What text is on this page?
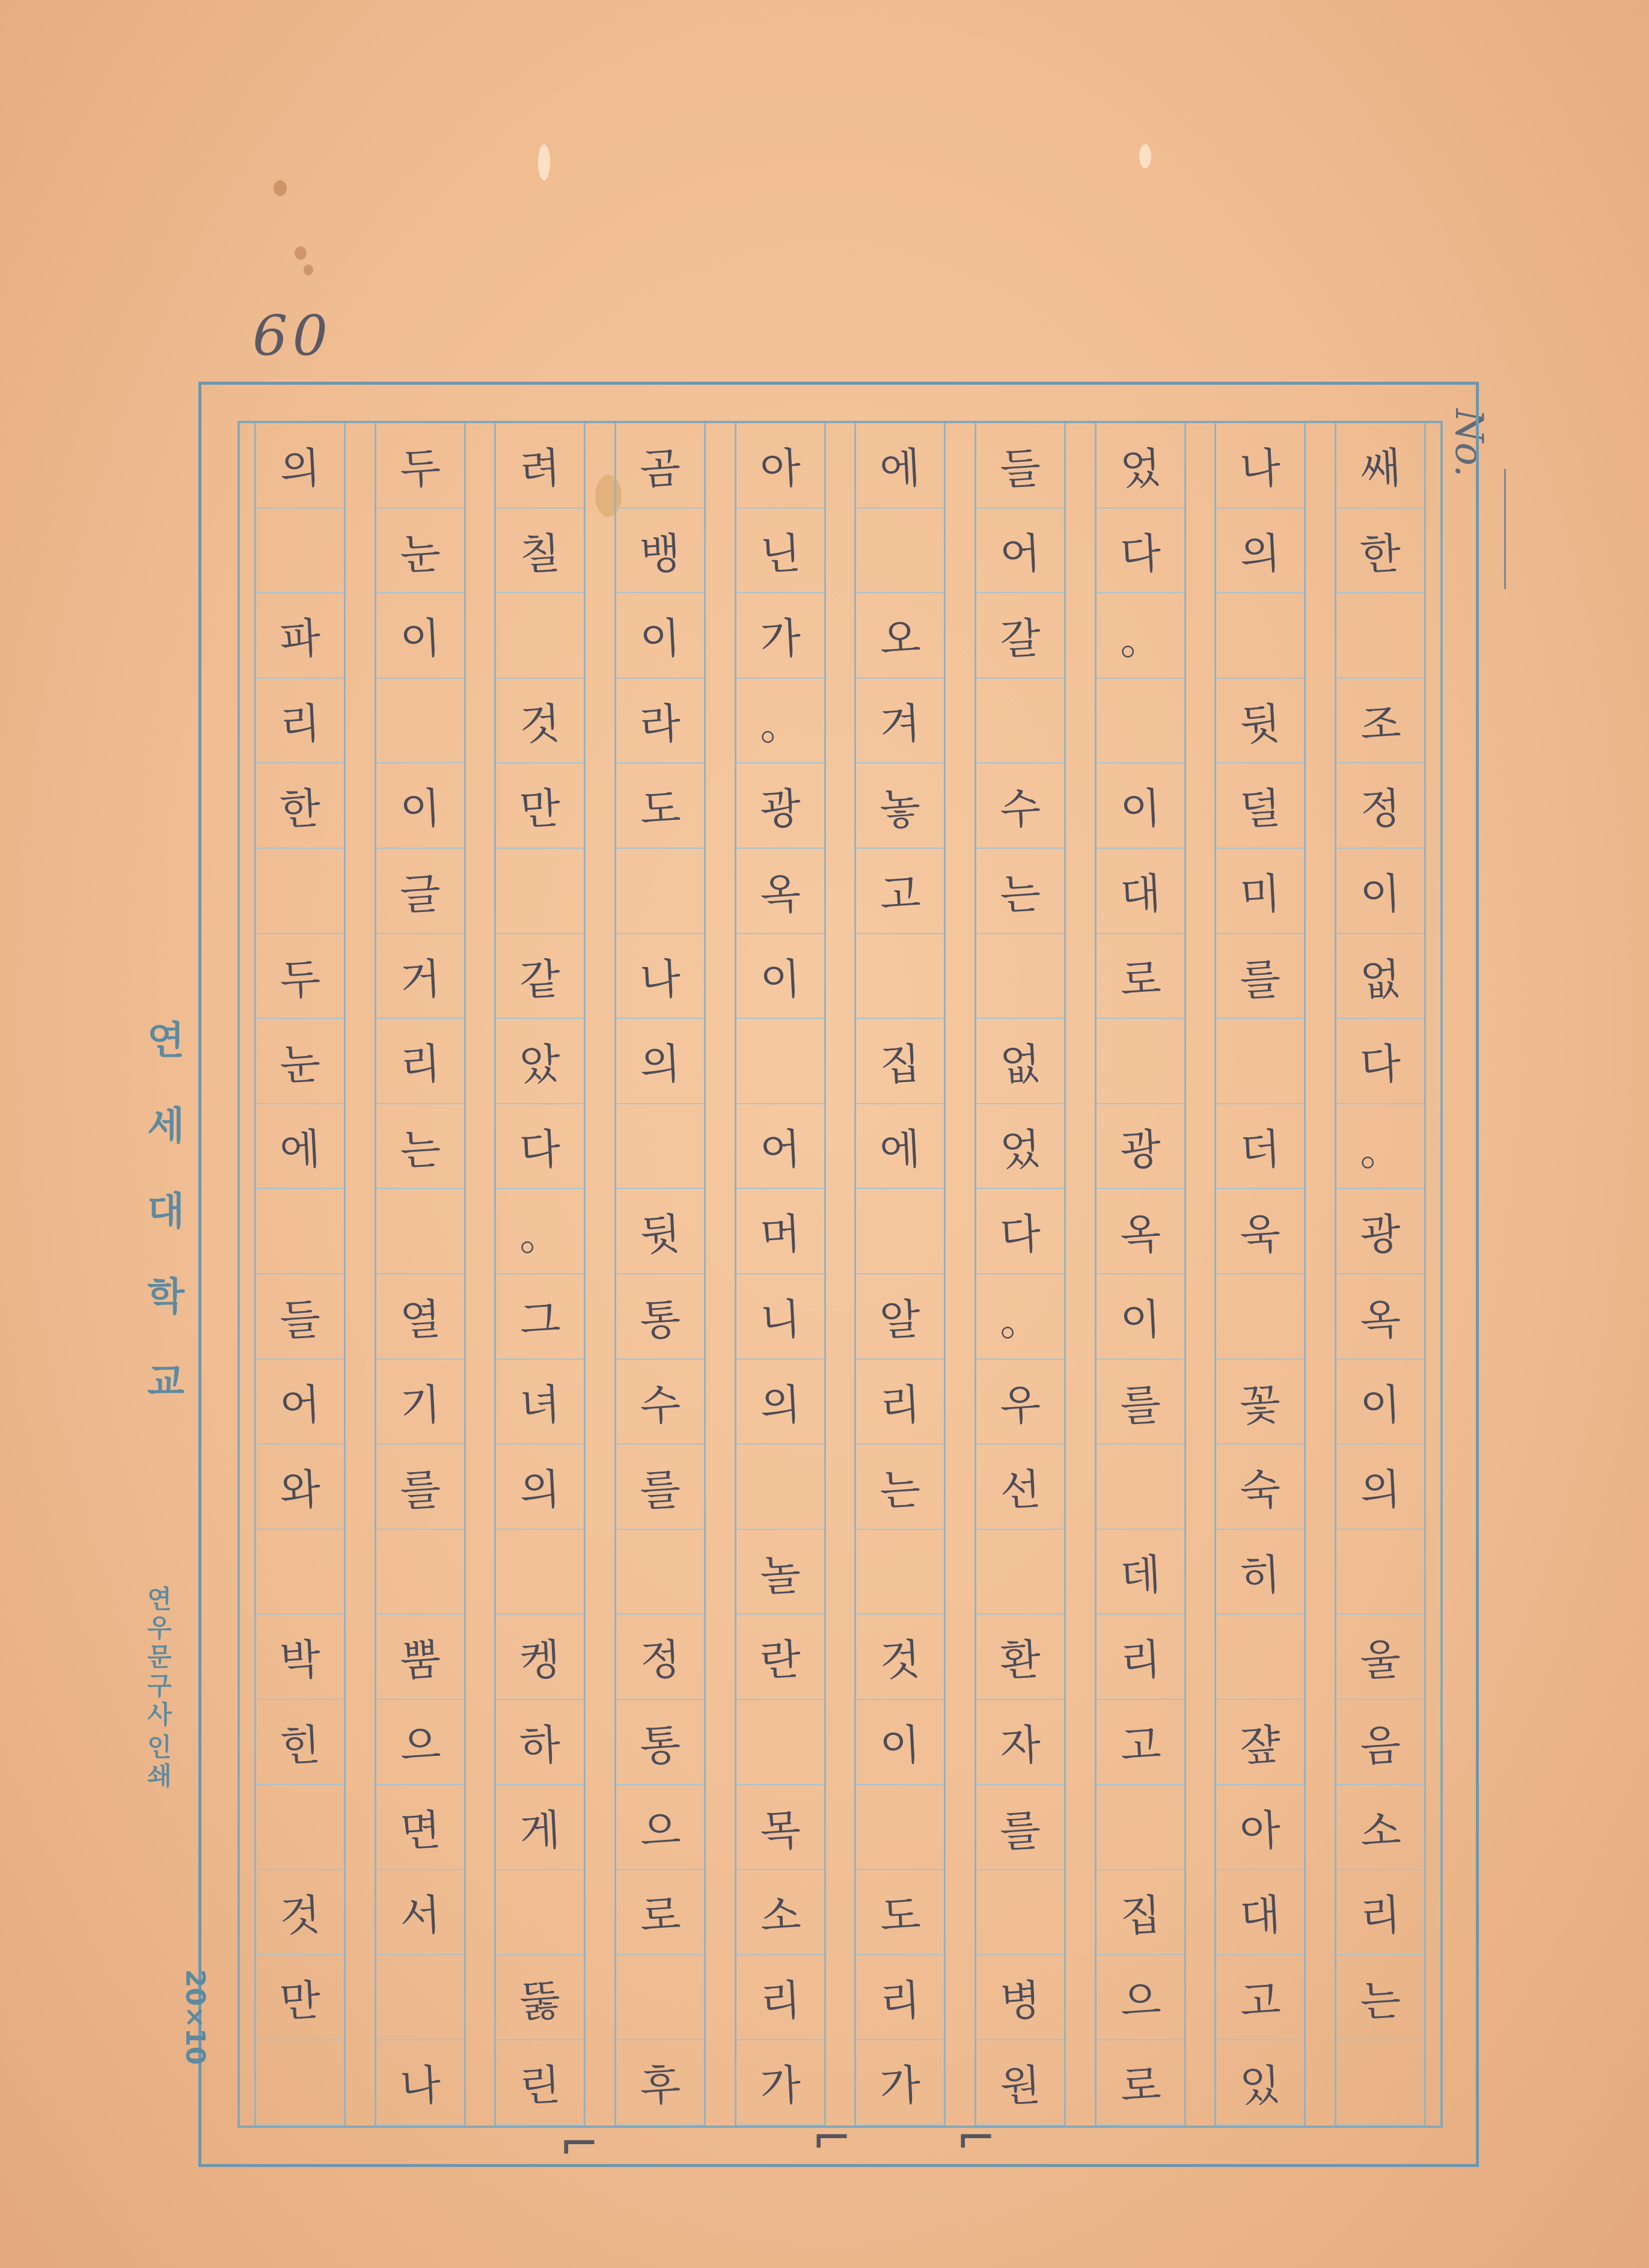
60
No.
쌔
한
조
정
이
없
다
。
광
옥
이
의
울
음
소
리
는
나
의
뒷
덜
미
를
더
욱
꽃
숙
히
쟢
아
대
고
있
었
다
。
이
대
로
광
옥
이
를
데
리
고
집
으
로
들
어
갈
수
는
없
었
다
。
우
선
환
자
를
병
원
에
오
겨
놓
고
집
에
알
리
는
것
이
도
리
가
아
닌
가
。
광
옥
이
어
머
니
의
놀
란
목
소
리
가
곰
뱅
이
라
도
나
의
뒷
통
수
를
정
통
으
로
후
려
칠
것
만
같
았
다
。
그
녀
의
켕
하
게
뚫
린
두
눈
이
이
글
거
리
는
열
기
를
뿜
으
면
서
나
의
파
리
한
두
눈
에
들
어
와
박
힌
것
만
연
세
대
학
교
연
우
문
구
사
인
쇄
20×10
⌐	⌐ ⌐
